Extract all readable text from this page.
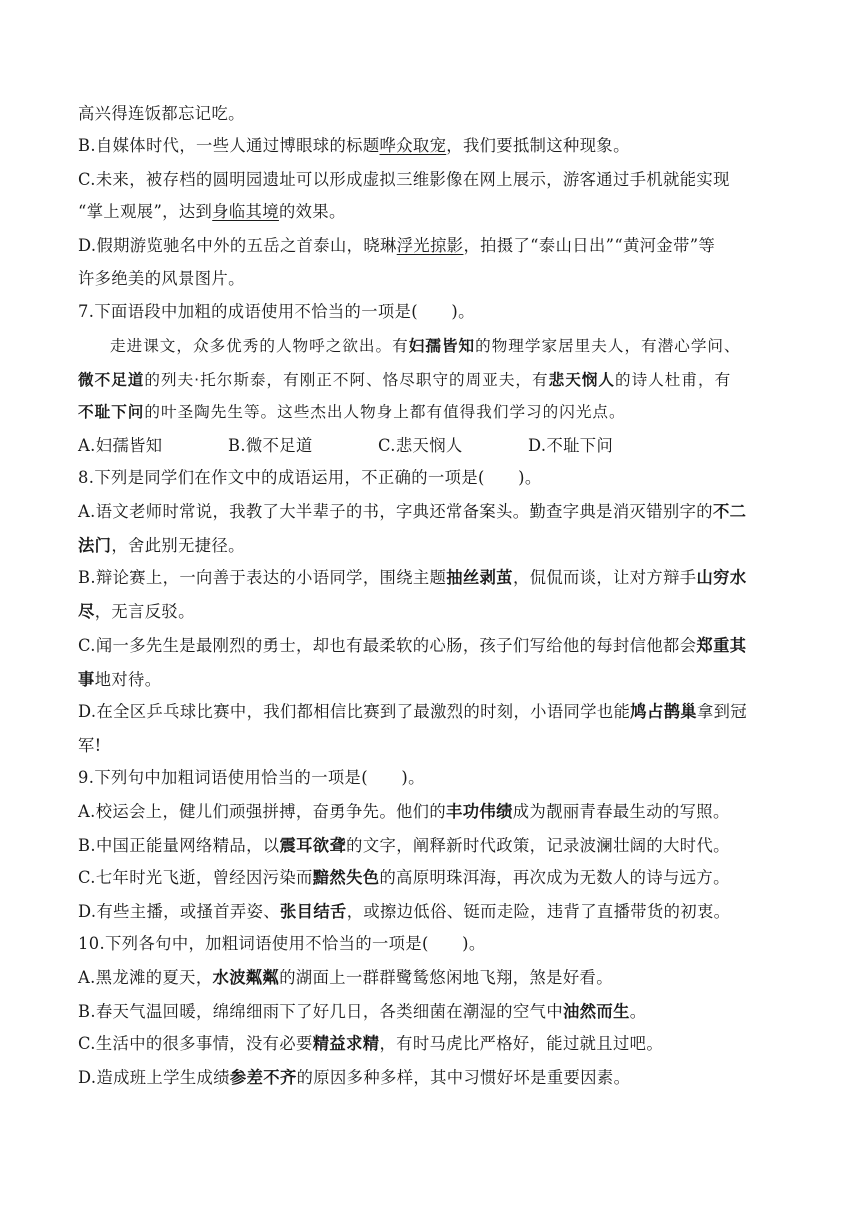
高兴得连饭都忘记吃。
B.自媒体时代，一些人通过博眼球的标题哗众取宠，我们要抵制这种现象。
C.未来，被存档的圆明园遗址可以形成虚拟三维影像在网上展示，游客通过手机就能实现
“掌上观展”，达到身临其境的效果。
D.假期游览驰名中外的五岳之首泰山，晓琳浮光掠影，拍摄了“泰山日出”“黄河金带”等
许多绝美的风景图片。
7.下面语段中加粗的成语使用不恰当的一项是(　　)。
走进课文，众多优秀的人物呼之欲出。有妇孺皆知的物理学家居里夫人，有潜心学问、
微不足道的列夫·托尔斯泰，有刚正不阿、恪尽职守的周亚夫，有悲天悯人的诗人杜甫，有
不耻下问的叶圣陶先生等。这些杰出人物身上都有值得我们学习的闪光点。
A.妇孺皆知	B.微不足道	C.悲天悯人	D.不耻下问
8.下列是同学们在作文中的成语运用，不正确的一项是(　　)。
A.语文老师时常说，我教了大半辈子的书，字典还常备案头。勤查字典是消灭错别字的不二
法门，舍此别无捷径。
B.辩论赛上，一向善于表达的小语同学，围绕主题抽丝剥茧，侃侃而谈，让对方辩手山穷水
尽，无言反驳。
C.闻一多先生是最刚烈的勇士，却也有最柔软的心肠，孩子们写给他的每封信他都会郑重其
事地对待。
D.在全区乒乓球比赛中，我们都相信比赛到了最激烈的时刻，小语同学也能鸠占鹊巢拿到冠
军!
9.下列句中加粗词语使用恰当的一项是(　　)。
A.校运会上，健儿们顽强拼搏，奋勇争先。他们的丰功伟绩成为靓丽青春最生动的写照。
B.中国正能量网络精品，以震耳欲聋的文字，阐释新时代政策，记录波澜壮阔的大时代。
C.七年时光飞逝，曾经因污染而黯然失色的高原明珠洱海，再次成为无数人的诗与远方。
D.有些主播，或搔首弄姿、张目结舌，或擦边低俗、铤而走险，违背了直播带货的初衷。
10.下列各句中，加粗词语使用不恰当的一项是(　　)。
A.黑龙滩的夏天，水波粼粼的湖面上一群群鹭鸶悠闲地飞翔，煞是好看。
B.春天气温回暖，绵绵细雨下了好几日，各类细菌在潮湿的空气中油然而生。
C.生活中的很多事情，没有必要精益求精，有时马虎比严格好，能过就且过吧。
D.造成班上学生成绩参差不齐的原因多种多样，其中习惯好坏是重要因素。
